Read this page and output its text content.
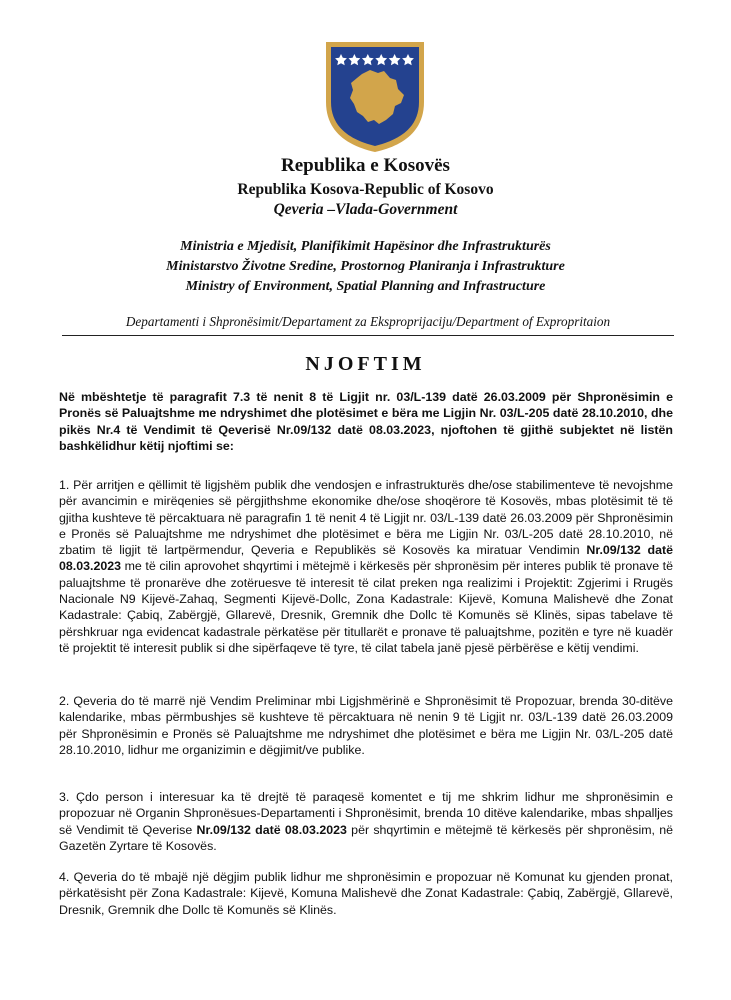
Republika e Kosovës
Republika Kosova-Republic of Kosovo
Qeveria –Vlada-Government
Ministria e Mjedisit, Planifikimit Hapësinor dhe Infrastrukturës
Ministarstvo Životne Sredine, Prostornog Planiranja i Infrastrukture
Ministry of Environment, Spatial Planning and Infrastructure
Departamenti i Shpronësimit/Departament za Eksproprijaciju/Department of Expropritaion
NJOFTIM
Në mbështetje të paragrafit 7.3 të nenit 8 të Ligjit nr. 03/L-139 datë 26.03.2009 për Shpronësimin e Pronës së Paluajtshme me ndryshimet dhe plotësimet e bëra me Ligjin Nr. 03/L-205 datë 28.10.2010, dhe pikës Nr.4 të Vendimit të Qeverisë Nr.09/132 datë 08.03.2023, njoftohen të gjithë subjektet në listën bashkëlidhur këtij njoftimi se:
1. Për arritjen e qëllimit të ligjshëm publik dhe vendosjen e infrastrukturës dhe/ose stabilimenteve të nevojshme për avancimin e mirëqenies së përgjithshme ekonomike dhe/ose shoqërore të Kosovës, mbas plotësimit të të gjitha kushteve të përcaktuara në paragrafin 1 të nenit 4 të Ligjit nr. 03/L-139 datë 26.03.2009 për Shpronësimin e Pronës së Paluajtshme me ndryshimet dhe plotësimet e bëra me Ligjin Nr. 03/L-205 datë 28.10.2010, në zbatim të ligjit të lartpërmendur, Qeveria e Republikës së Kosovës ka miratuar Vendimin Nr.09/132 datë 08.03.2023 me të cilin aprovohet shqyrtimi i mëtejmë i kërkesës për shpronësim për interes publik të pronave të paluajtshme të pronarëve dhe zotëruesve të interesit të cilat preken nga realizimi i Projektit: Zgjerimi i Rrugës Nacionale N9 Kijevë-Zahaq, Segmenti Kijevë-Dollc, Zona Kadastrale: Kijevë, Komuna Malishevë dhe Zonat Kadastrale: Çabiq, Zabërgjë, Gllarevë, Dresnik, Gremnik dhe Dollc të Komunës së Klinës, sipas tabelave të përshkruar nga evidencat kadastrale përkatëse për titullarët e pronave të paluajtshme, pozitën e tyre në kuadër të projektit të interesit publik si dhe sipërfaqeve të tyre, të cilat tabela janë pjesë përbërëse e këtij vendimi.
2. Qeveria do të marrë një Vendim Preliminar mbi Ligjshmërinë e Shpronësimit të Propozuar, brenda 30-ditëve kalendarike, mbas përmbushjes së kushteve të përcaktuara në nenin 9 të Ligjit nr. 03/L-139 datë 26.03.2009 për Shpronësimin e Pronës së Paluajtshme me ndryshimet dhe plotësimet e bëra me Ligjin Nr. 03/L-205 datë 28.10.2010, lidhur me organizimin e dëgjimit/ve publike.
3. Çdo person i interesuar ka të drejtë të paraqesë komentet e tij me shkrim lidhur me shpronësimin e propozuar në Organin Shpronësues-Departamenti i Shpronësimit, brenda 10 ditëve kalendarike, mbas shpalljes së Vendimit të Qeverise Nr.09/132 datë 08.03.2023 për shqyrtimin e mëtejmë të kërkesës për shpronësim, në Gazetën Zyrtare të Kosovës.
4. Qeveria do të mbajë një dëgjim publik lidhur me shpronësimin e propozuar në Komunat ku gjenden pronat, përkatësisht për Zona Kadastrale: Kijevë, Komuna Malishevë dhe Zonat Kadastrale: Çabiq, Zabërgjë, Gllarevë, Dresnik, Gremnik dhe Dollc të Komunës së Klinës.
